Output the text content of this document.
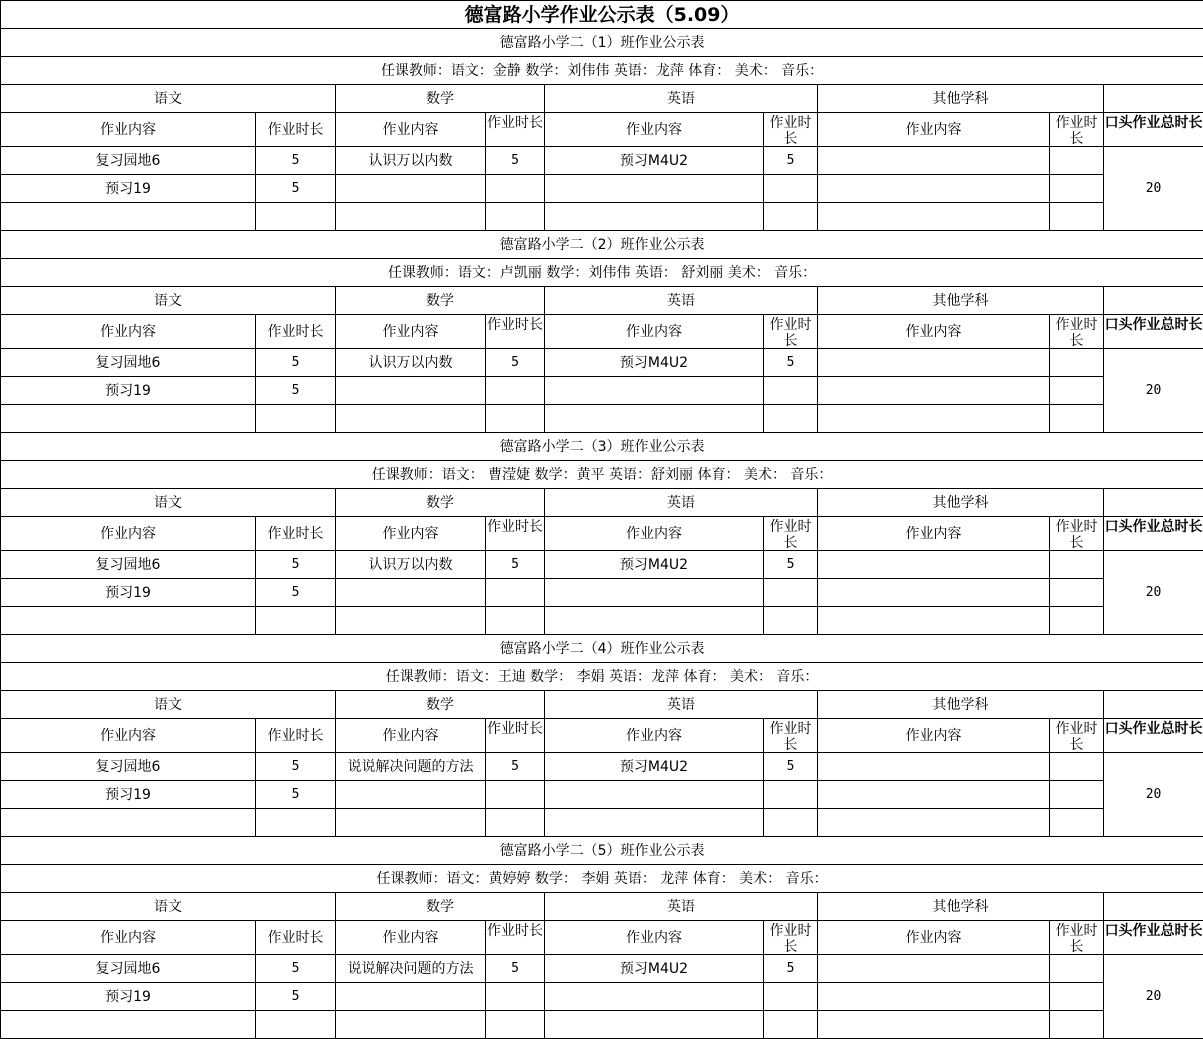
德富路小学作业公示表（5.09）								
德富路小学二（1）班作业公示表								
任课教师：语文：金静 数学：刘伟伟 英语：龙萍 体育： 美术： 音乐：								
语文		数学		英语		其他学科		
作业内容	作业时长	作业内容	作业时长	作业内容	作业时长	作业内容	作业时长	口头作业总时长

复习园地6	5	认识万以内数	5	预习M4U2	5			20
预习19	5							

德富路小学二（2）班作业公示表								
任课教师：语文：卢凯丽 数学：刘伟伟 英语： 舒刘丽 美术： 音乐：								
语文		数学		英语		其他学科		
作业内容	作业时长	作业内容	作业时长	作业内容	作业时长	作业内容	作业时长	口头作业总时长

复习园地6	5	认识万以内数	5	预习M4U2	5			20
预习19	5							

德富路小学二（3）班作业公示表								
任课教师：语文： 曹滢婕 数学：黄平 英语：舒刘丽 体育： 美术： 音乐：								
语文		数学		英语		其他学科		
作业内容	作业时长	作业内容	作业时长	作业内容	作业时长	作业内容	作业时长	口头作业总时长

复习园地6	5	认识万以内数	5	预习M4U2	5			20
预习19	5							

德富路小学二（4）班作业公示表								
任课教师：语文：王迪 数学： 李娟 英语：龙萍 体育： 美术： 音乐：								
语文		数学		英语		其他学科		
作业内容	作业时长	作业内容	作业时长	作业内容	作业时长	作业内容	作业时长	口头作业总时长

复习园地6	5	说说解决问题的方法	5	预习M4U2	5			20
预习19	5							

德富路小学二（5）班作业公示表								
任课教师：语文：黄婷婷 数学： 李娟 英语： 龙萍 体育： 美术： 音乐：								
语文		数学		英语		其他学科		
作业内容	作业时长	作业内容	作业时长	作业内容	作业时长	作业内容	作业时长	口头作业总时长

复习园地6	5	说说解决问题的方法	5	预习M4U2	5			20
预习19	5							
